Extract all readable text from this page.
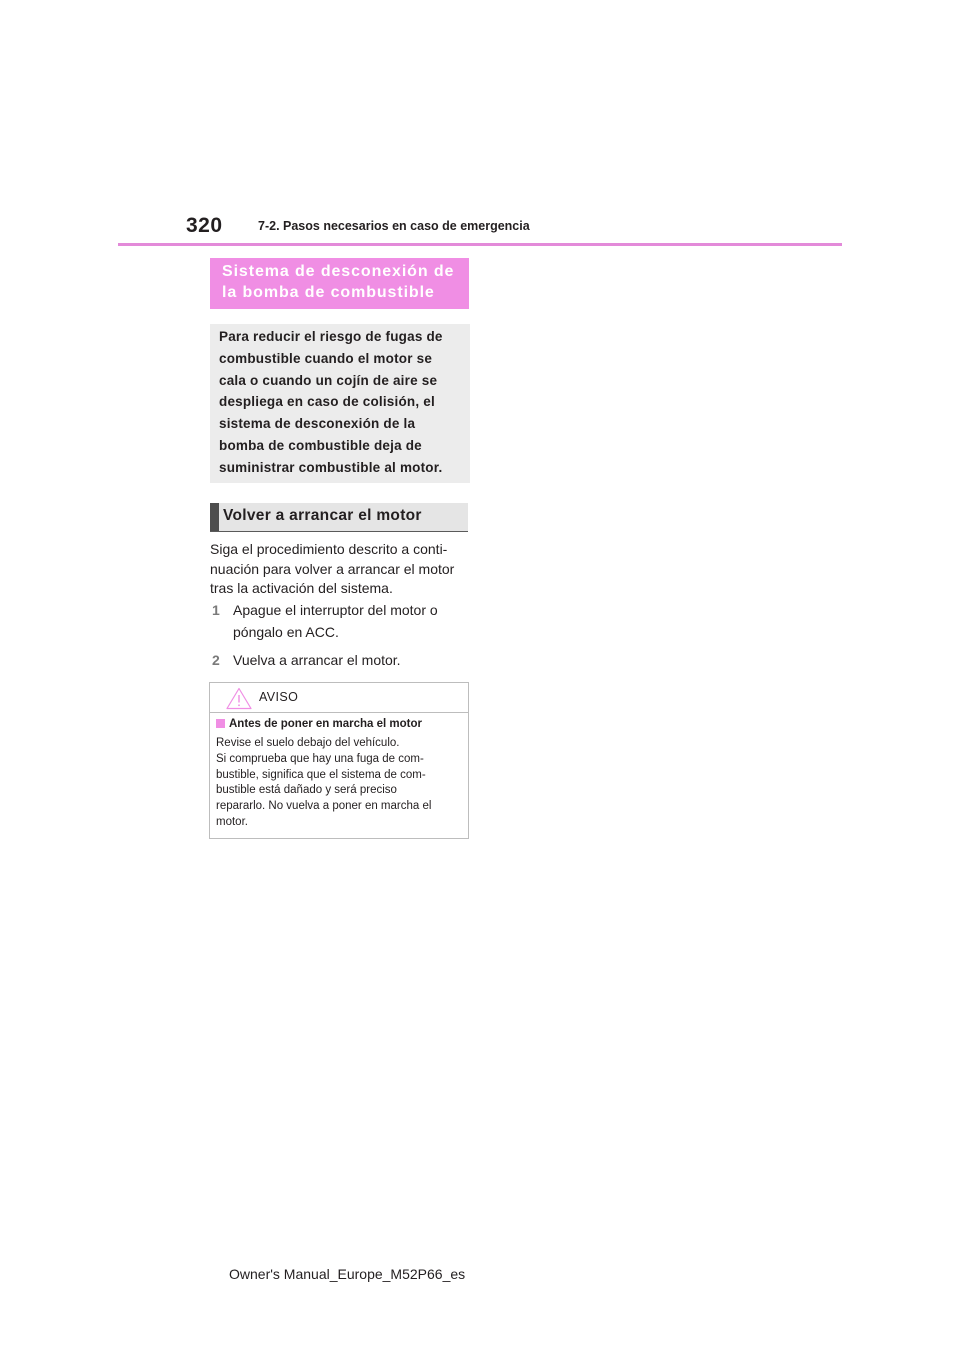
320	7-2. Pasos necesarios en caso de emergencia
Sistema de desconexión de
la bomba de combustible

Para reducir el riesgo de fugas de

combustible cuando el motor se

cala o cuando un cojín de aire se

despliega en caso de colisión, el

sistema de desconexión de la

bomba de combustible deja de

suministrar combustible al motor.

Volver a arrancar el motor
Siga el procedimiento descrito a conti-
nuación para volver a arrancar el motor
tras la activación del sistema.
1 Apague el interruptor del motor o
póngalo en ACC.
2 Vuelva a arrancar el motor.
AVISO
Antes de poner en marcha el motor
Revise el suelo debajo del vehículo.
Si comprueba que hay una fuga de com-
bustible, significa que el sistema de com-
bustible está dañado y será preciso
repararlo. No vuelva a poner en marcha el
motor.
Owner's Manual_Europe_M52P66_es
